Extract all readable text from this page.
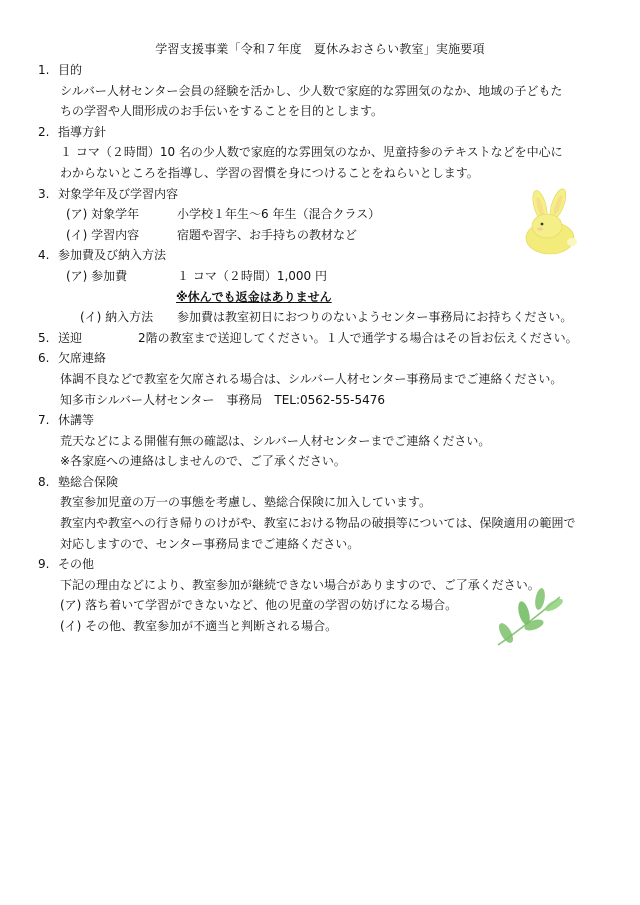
学習支援事業「令和７年度　夏休みおさらい教室」実施要項
1. 目的
シルバー人材センター会員の経験を活かし、少人数で家庭的な雰囲気のなか、地域の子どもた
ちの学習や人間形成のお手伝いをすることを目的とします。
2. 指導方針
１ コマ（２時間）10 名の少人数で家庭的な雰囲気のなか、児童持参のテキストなどを中心に
わからないところを指導し、学習の習慣を身につけることをねらいとします。
3. 対象学年及び学習内容
(ア) 対象学年	小学校１年生～6 年生（混合クラス）
(イ) 学習内容	宿題や習字、お手持ちの教材など
4. 参加費及び納入方法
(ア) 参加費	１ コマ（２時間）1,000 円
※休んでも返金はありません
(イ) 納入方法 参加費は教室初日におつりのないようセンター事務局にお持ちください。
5. 送迎	2階の教室まで送迎してください。１人で通学する場合はその旨お伝えください。
6. 欠席連絡
体調不良などで教室を欠席される場合は、シルバー人材センター事務局までご連絡ください。
知多市シルバー人材センター　事務局　TEL:0562-55-5476
7. 休講等
荒天などによる開催有無の確認は、シルバー人材センターまでご連絡ください。
※各家庭への連絡はしませんので、ご了承ください。
8. 塾総合保険
教室参加児童の万一の事態を考慮し、塾総合保険に加入しています。
教室内や教室への行き帰りのけがや、教室における物品の破損等については、保険適用の範囲で
対応しますので、センター事務局までご連絡ください。
9. その他
下記の理由などにより、教室参加が継続できない場合がありますので、ご了承ください。
(ア) 落ち着いて学習ができないなど、他の児童の学習の妨げになる場合。
(イ) その他、教室参加が不適当と判断される場合。
